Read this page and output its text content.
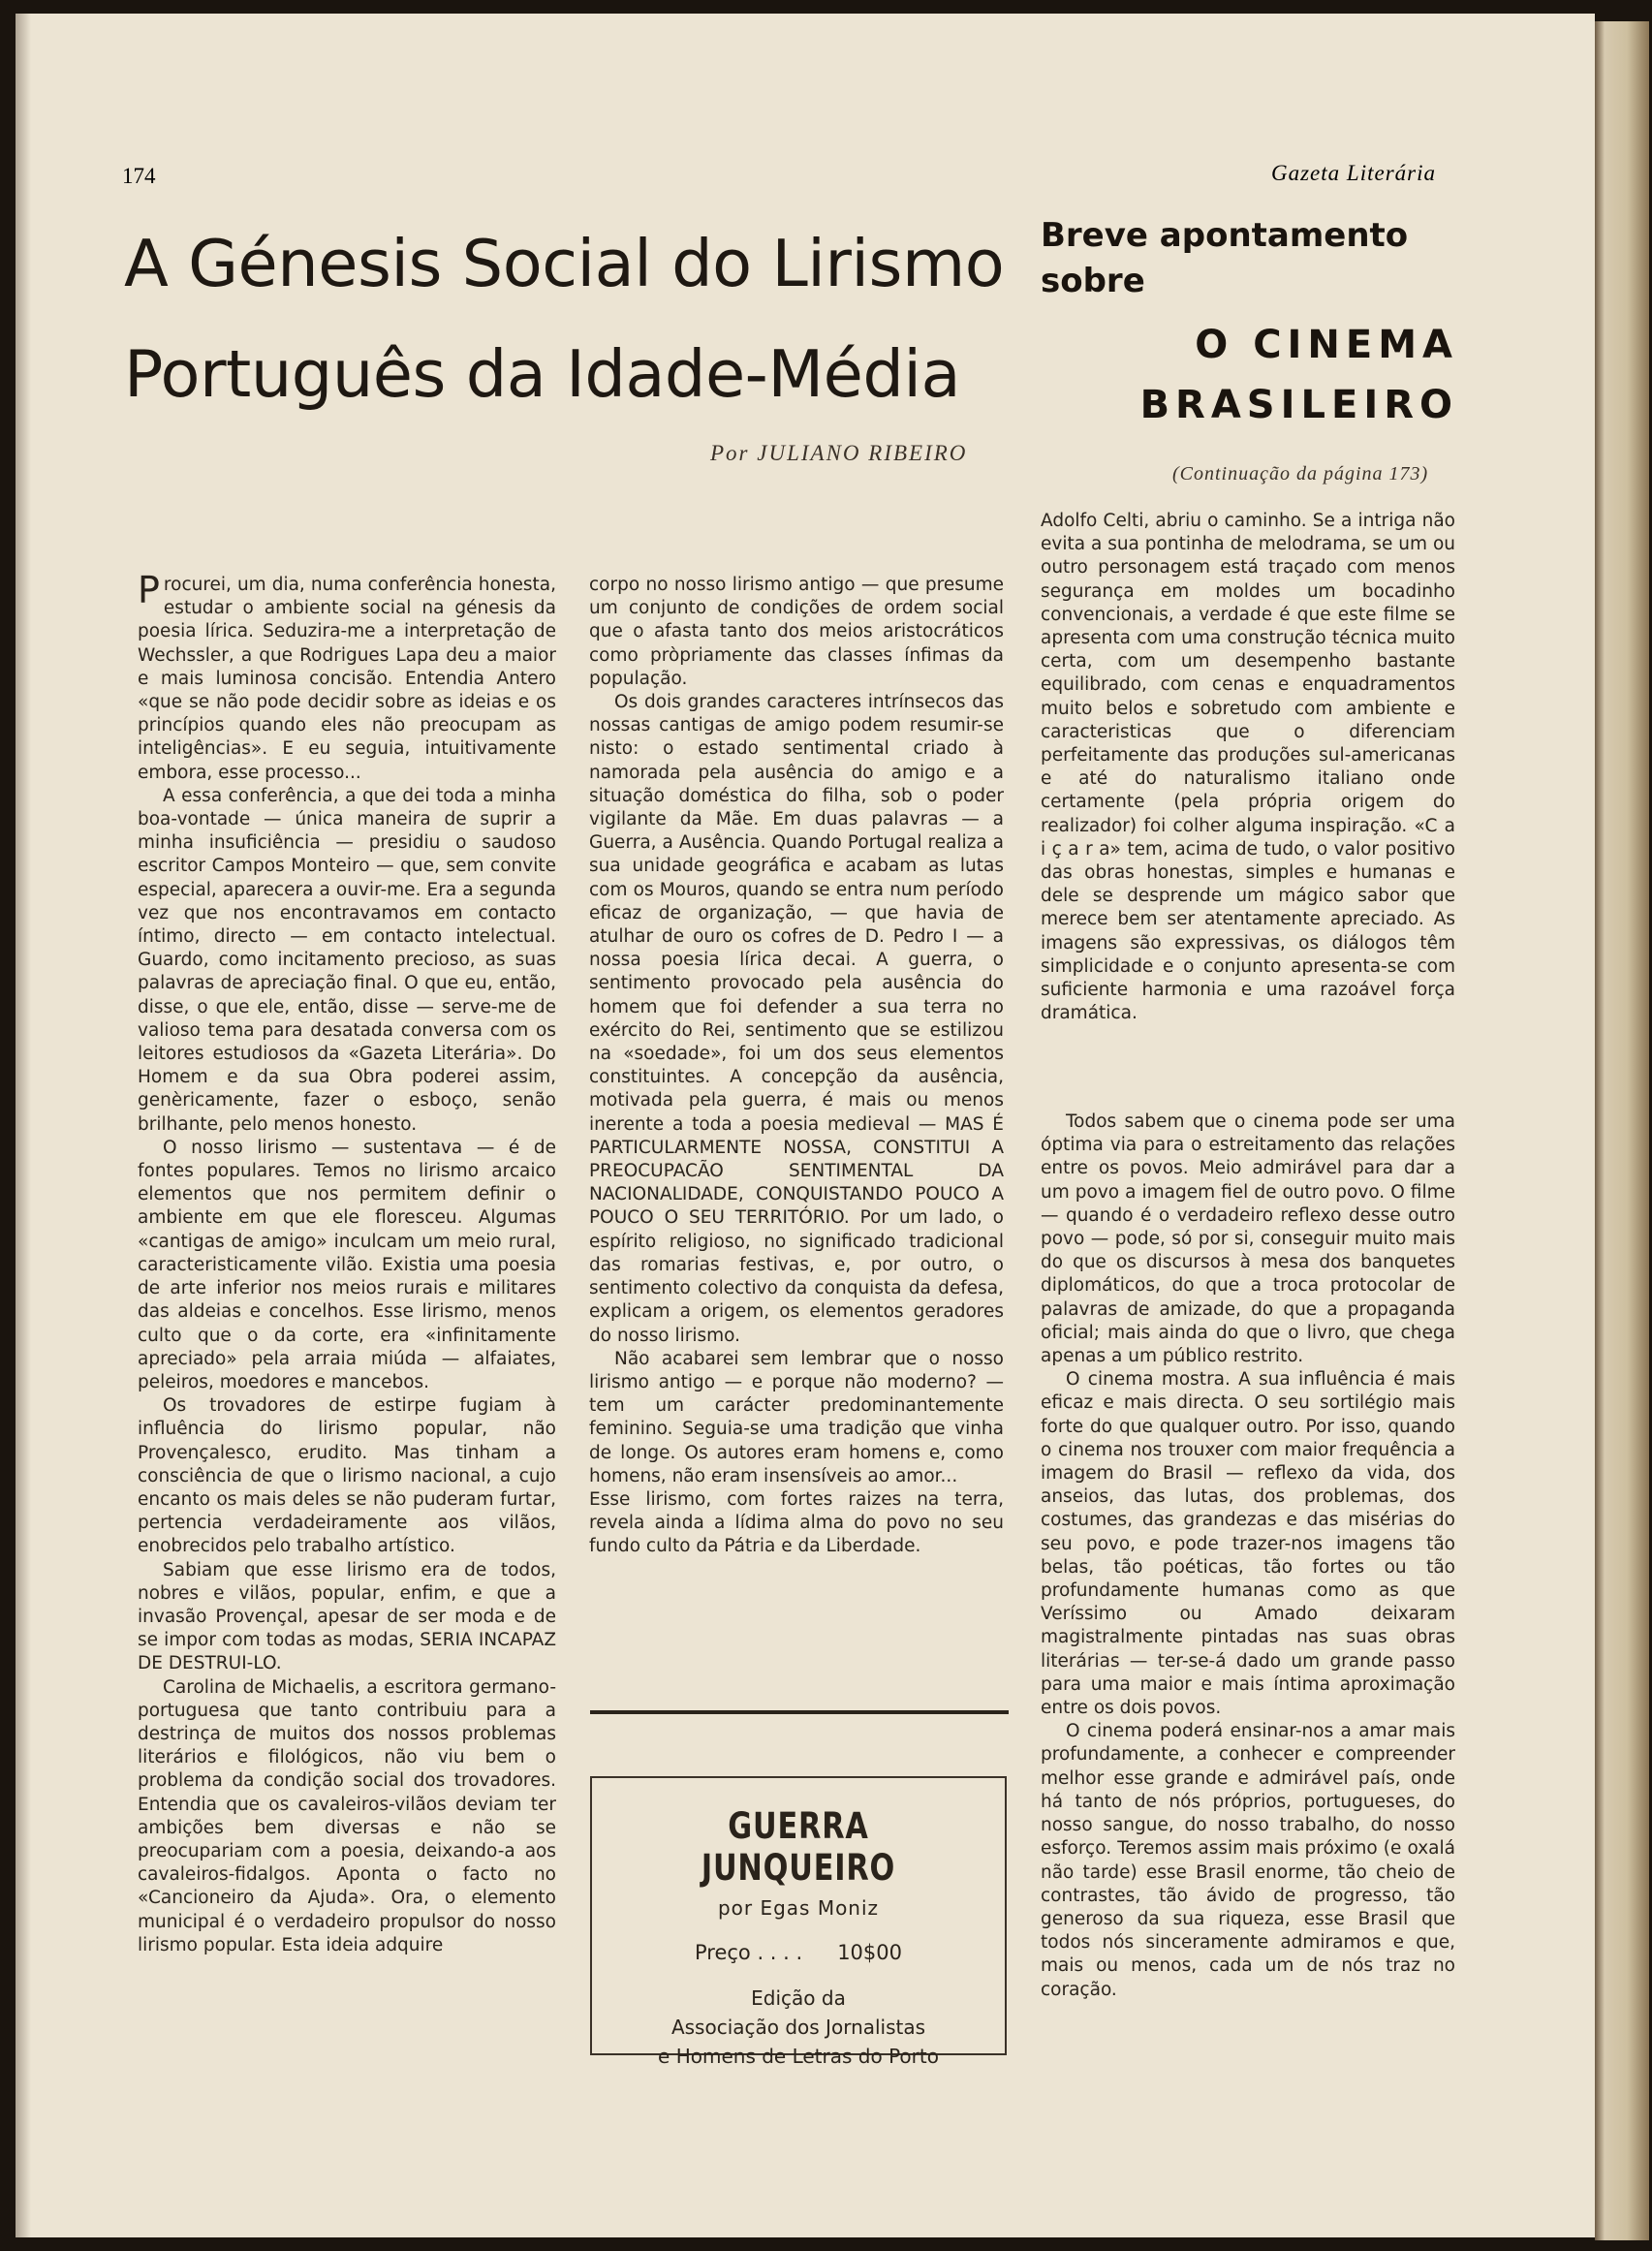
174	Gazeta Literária
A Génesis Social do Lirismo
Português da Idade-Média
Por JULIANO RIBEIRO
Breve apontamento
sobre
O CINEMA
BRASILEIRO
(Continuação da página 173)

Procurei, um dia, numa conferência honesta, estudar o ambiente social na génesis da poesia lírica. Seduzira-me a interpretação de Wechssler, a que Rodrigues Lapa deu a maior e mais luminosa concisão. Entendia Antero «que se não pode decidir sobre as ideias e os princípios quando eles não preocupam as inteligências». E eu seguia, intuitivamente embora, esse processo...

A essa conferência, a que dei toda a minha boa-vontade — única maneira de suprir a minha insuficiência — presidiu o saudoso escritor Campos Monteiro — que, sem convite especial, aparecera a ouvir-me. Era a segunda vez que nos encontravamos em contacto íntimo, directo — em contacto intelectual. Guardo, como incitamento precioso, as suas palavras de apreciação final. O que eu, então, disse, o que ele, então, disse — serve-me de valioso tema para desatada conversa com os leitores estudiosos da «Gazeta Literária». Do Homem e da sua Obra poderei assim, genèricamente, fazer o esboço, senão brilhante, pelo menos honesto.

O nosso lirismo — sustentava — é de fontes populares. Temos no lirismo arcaico elementos que nos permitem definir o ambiente em que ele floresceu. Algumas «cantigas de amigo» inculcam um meio rural, caracteristicamente vilão. Existia uma poesia de arte inferior nos meios rurais e militares das aldeias e concelhos. Esse lirismo, menos culto que o da corte, era «infinitamente apreciado» pela arraia miúda — alfaiates, peleiros, moedores e mancebos.

Os trovadores de estirpe fugiam à influência do lirismo popular, não Provençalesco, erudito. Mas tinham a consciência de que o lirismo nacional, a cujo encanto os mais deles se não puderam furtar, pertencia verdadeiramente aos vilãos, enobrecidos pelo trabalho artístico.

Sabiam que esse lirismo era de todos, nobres e vilãos, popular, enfim, e que a invasão Provençal, apesar de ser moda e de se impor com todas as modas, SERIA INCAPAZ DE DESTRUI-LO.

Carolina de Michaelis, a escritora germano-portuguesa que tanto contribuiu para a destrinça de muitos dos nossos problemas literários e filológicos, não viu bem o problema da condição social dos trovadores. Entendia que os cavaleiros-vilãos deviam ter ambições bem diversas e não se preocupariam com a poesia, deixando-a aos cavaleiros-fidalgos. Aponta o facto no «Cancioneiro da Ajuda». Ora, o elemento municipal é o verdadeiro propulsor do nosso lirismo popular. Esta ideia adquire

corpo no nosso lirismo antigo — que presume um conjunto de condições de ordem social que o afasta tanto dos meios aristocráticos como pròpriamente das classes ínfimas da população.

Os dois grandes caracteres intrínsecos das nossas cantigas de amigo podem resumir-se nisto: o estado sentimental criado à namorada pela ausência do amigo e a situação doméstica do filha, sob o poder vigilante da Mãe. Em duas palavras — a Guerra, a Ausência. Quando Portugal realiza a sua unidade geográfica e acabam as lutas com os Mouros, quando se entra num período eficaz de organização, — que havia de atulhar de ouro os cofres de D. Pedro I — a nossa poesia lírica decai. A guerra, o sentimento provocado pela ausência do homem que foi defender a sua terra no exército do Rei, sentimento que se estilizou na «soedade», foi um dos seus elementos constituintes. A concepção da ausência, motivada pela guerra, é mais ou menos inerente a toda a poesia medieval — MAS É PARTICULARMENTE NOSSA, CONSTITUI A PREOCUPACÃO SENTIMENTAL DA NACIONALIDADE, CONQUISTANDO POUCO A POUCO O SEU TERRITÓRIO. Por um lado, o espírito religioso, no significado tradicional das romarias festivas, e, por outro, o sentimento colectivo da conquista da defesa, explicam a origem, os elementos geradores do nosso lirismo.

Não acabarei sem lembrar que o nosso lirismo antigo — e porque não moderno? — tem um carácter predominantemente feminino. Seguia-se uma tradição que vinha de longe. Os autores eram homens e, como homens, não eram insensíveis ao amor...

Esse lirismo, com fortes raizes na terra, revela ainda a lídima alma do povo no seu fundo culto da Pátria e da Liberdade.

GUERRA JUNQUEIRO
por Egas Moniz
Preço . . . . 10$00
Edição da
Associação dos Jornalistas
e Homens de Letras do Porto

Adolfo Celti, abriu o caminho. Se a intriga não evita a sua pontinha de melodrama, se um ou outro personagem está traçado com menos segurança em moldes um bocadinho convencionais, a verdade é que este filme se apresenta com uma construção técnica muito certa, com um desempenho bastante equilibrado, com cenas e enquadramentos muito belos e sobretudo com ambiente e caracteristicas que o diferenciam perfeitamente das produções sul-americanas e até do naturalismo italiano onde certamente (pela própria origem do realizador) foi colher alguma inspiração. «C a i ç a r a» tem, acima de tudo, o valor positivo das obras honestas, simples e humanas e dele se desprende um mágico sabor que merece bem ser atentamente apreciado. As imagens são expressivas, os diálogos têm simplicidade e o conjunto apresenta-se com suficiente harmonia e uma razoável força dramática.

Todos sabem que o cinema pode ser uma óptima via para o estreitamento das relações entre os povos. Meio admirável para dar a um povo a imagem fiel de outro povo. O filme — quando é o verdadeiro reflexo desse outro povo — pode, só por si, conseguir muito mais do que os discursos à mesa dos banquetes diplomáticos, do que a troca protocolar de palavras de amizade, do que a propaganda oficial; mais ainda do que o livro, que chega apenas a um público restrito.

O cinema mostra. A sua influência é mais eficaz e mais directa. O seu sortilégio mais forte do que qualquer outro. Por isso, quando o cinema nos trouxer com maior frequência a imagem do Brasil — reflexo da vida, dos anseios, das lutas, dos problemas, dos costumes, das grandezas e das misérias do seu povo, e pode trazer-nos imagens tão belas, tão poéticas, tão fortes ou tão profundamente humanas como as que Veríssimo ou Amado deixaram magistralmente pintadas nas suas obras literárias — ter-se-á dado um grande passo para uma maior e mais íntima aproximação entre os dois povos.

O cinema poderá ensinar-nos a amar mais profundamente, a conhecer e compreender melhor esse grande e admirável país, onde há tanto de nós próprios, portugueses, do nosso sangue, do nosso trabalho, do nosso esforço. Teremos assim mais próximo (e oxalá não tarde) esse Brasil enorme, tão cheio de contrastes, tão ávido de progresso, tão generoso da sua riqueza, esse Brasil que todos nós sinceramente admiramos e que, mais ou menos, cada um de nós traz no coração.
